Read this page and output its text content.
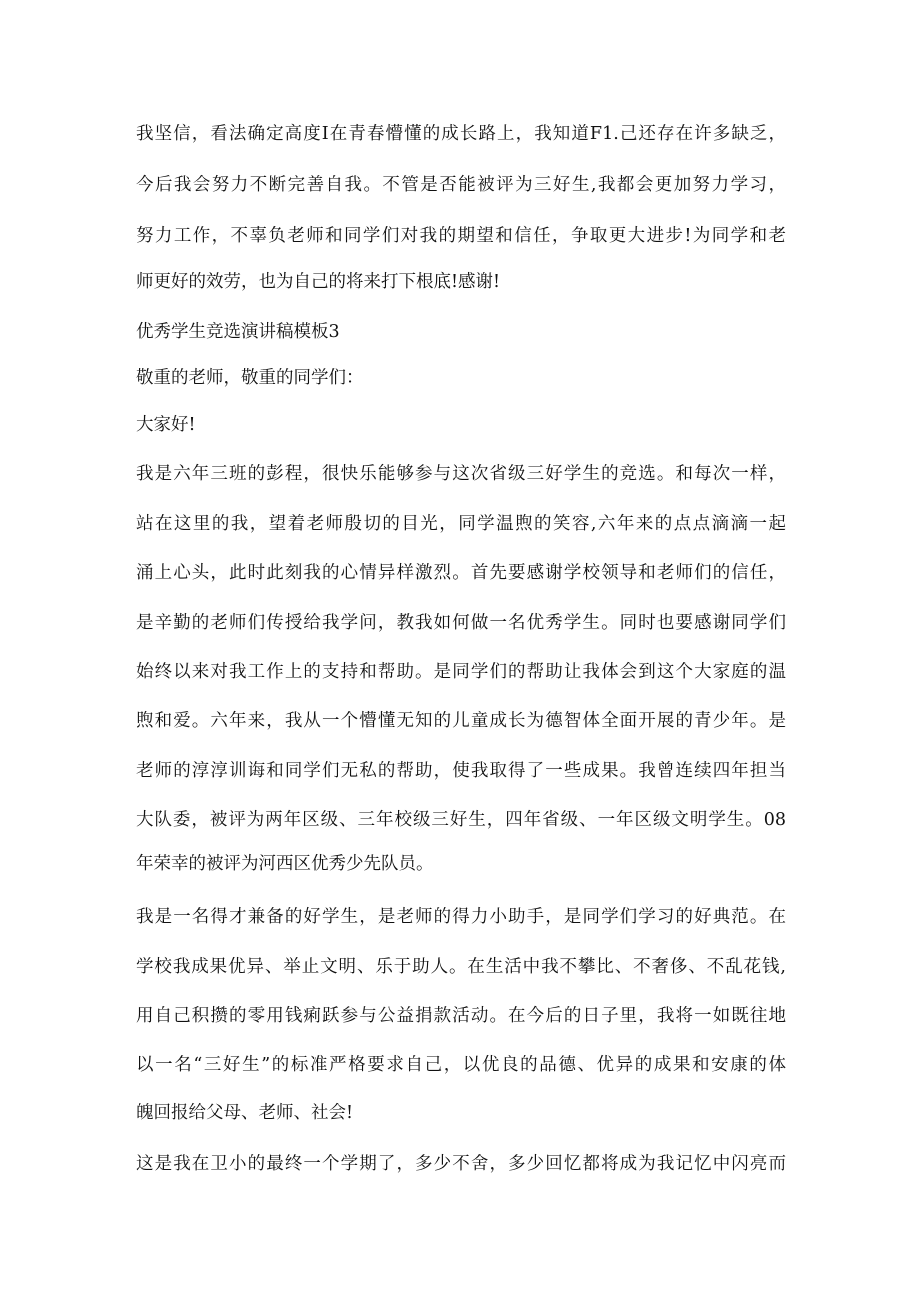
我坚信，看法确定高度I在青春懵懂的成长路上，我知道F1.己还存在许多缺乏，

今后我会努力不断完善自我。不管是否能被评为三好生,我都会更加努力学习，

努力工作，不辜负老师和同学们对我的期望和信任，争取更大进步!为同学和老

师更好的效劳，也为自己的将来打下根底!感谢!

优秀学生竞选演讲稿模板3

敬重的老师，敬重的同学们：

大家好!

我是六年三班的彭程，很快乐能够参与这次省级三好学生的竞选。和每次一样，

站在这里的我，望着老师殷切的目光，同学温煦的笑容,六年来的点点滴滴一起

涌上心头，此时此刻我的心情异样激烈。首先要感谢学校领导和老师们的信任，

是辛勤的老师们传授给我学问，教我如何做一名优秀学生。同时也要感谢同学们

始终以来对我工作上的支持和帮助。是同学们的帮助让我体会到这个大家庭的温

煦和爱。六年来，我从一个懵懂无知的儿童成长为德智体全面开展的青少年。是

老师的淳淳训诲和同学们无私的帮助，使我取得了一些成果。我曾连续四年担当

大队委，被评为两年区级、三年校级三好生，四年省级、一年区级文明学生。08

年荣幸的被评为河西区优秀少先队员。

我是一名得才兼备的好学生，是老师的得力小助手，是同学们学习的好典范。在

学校我成果优异、举止文明、乐于助人。在生活中我不攀比、不奢侈、不乱花钱,

用自己积攒的零用钱痢跃参与公益捐款活动。在今后的日子里，我将一如既往地

以一名“三好生”的标准严格要求自己，以优良的品德、优异的成果和安康的体

魄回报给父母、老师、社会!

这是我在卫小的最终一个学期了，多少不舍，多少回忆都将成为我记忆中闪亮而
